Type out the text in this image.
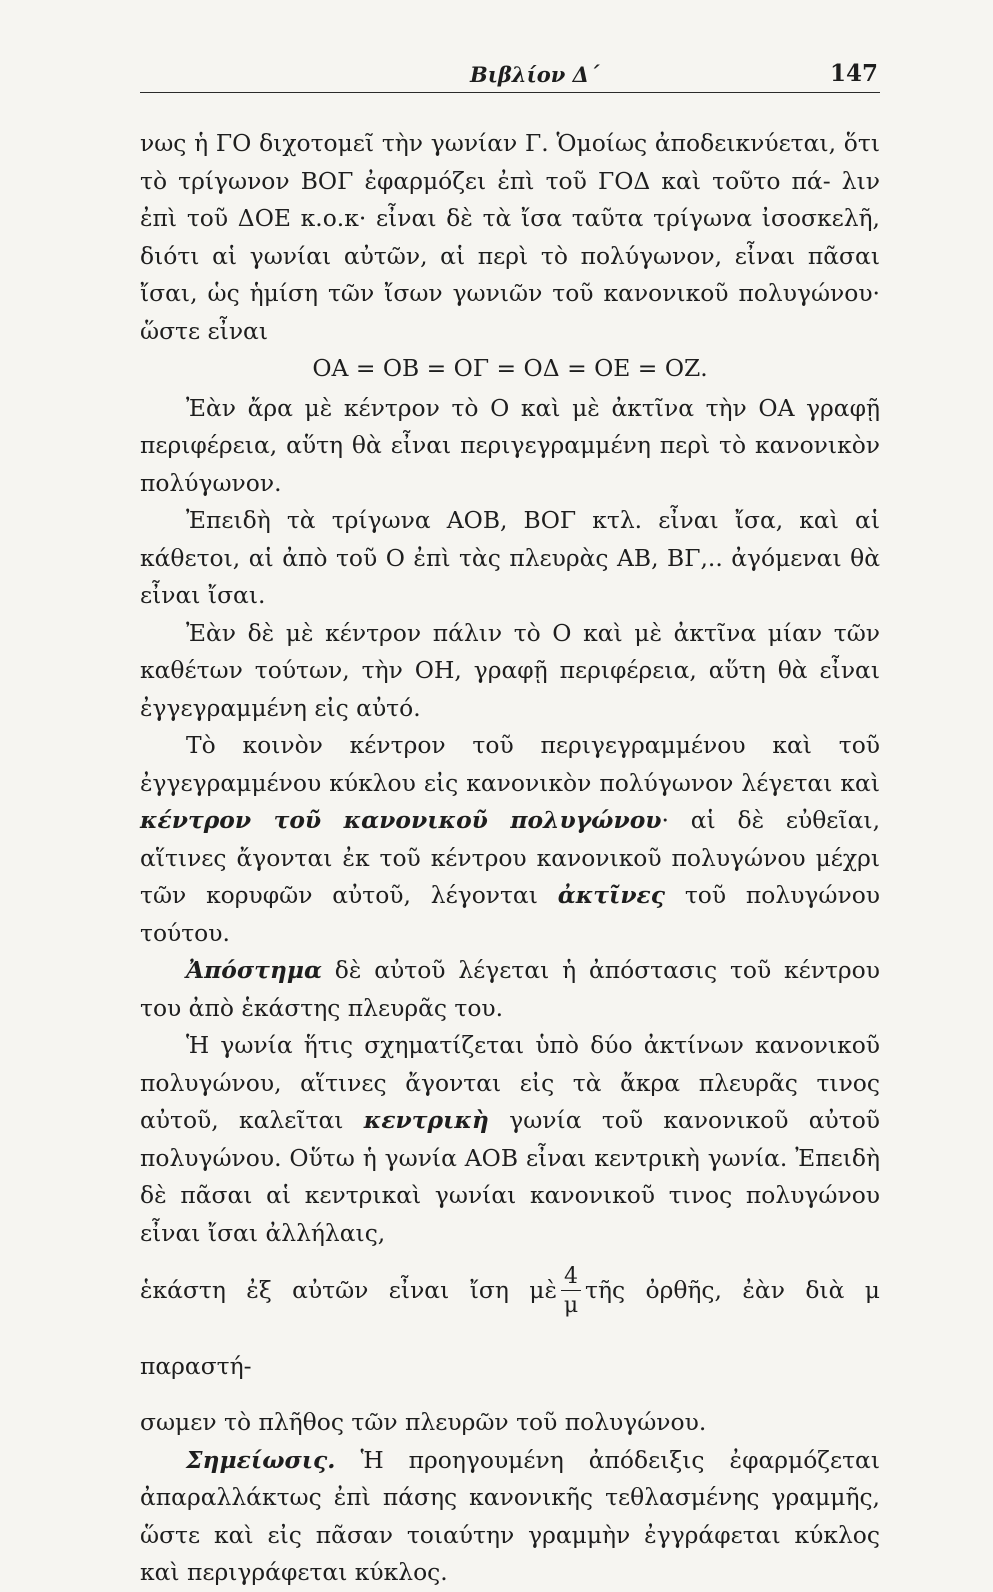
Βιβλίον Δ΄	147

νως ἡ ΓΟ διχοτομεῖ τὴν γωνίαν Γ. Ὁμοίως ἀποδεικνύεται, ὅτι τὸ τρίγωνον ΒΟΓ ἐφαρμόζει ἐπὶ τοῦ ΓΟΔ καὶ τοῦτο πά- λιν ἐπὶ τοῦ ΔΟΕ κ.ο.κ· εἶναι δὲ τὰ ἴσα ταῦτα τρίγωνα ἰσοσκελῆ, διότι αἱ γωνίαι αὐτῶν, αἱ περὶ τὸ πολύγωνον, εἶναι πᾶσαι ἴσαι, ὡς ἡμίση τῶν ἴσων γωνιῶν τοῦ κανονικοῦ πολυγώνου· ὥστε εἶναι

ΟΑ = ΟΒ = ΟΓ = ΟΔ = ΟΕ = ΟΖ.

Ἐὰν ἄρα μὲ κέντρον τὸ Ο καὶ μὲ ἀκτῖνα τὴν ΟΑ γραφῇ περιφέρεια, αὕτη θὰ εἶναι περιγεγραμμένη περὶ τὸ κανονικὸν πολύγωνον.

Ἐπειδὴ τὰ τρίγωνα ΑΟΒ, ΒΟΓ κτλ. εἶναι ἴσα, καὶ αἱ κάθετοι, αἱ ἀπὸ τοῦ Ο ἐπὶ τὰς πλευρὰς ΑΒ, ΒΓ,.. ἀγόμεναι θὰ εἶναι ἴσαι.

Ἐὰν δὲ μὲ κέντρον πάλιν τὸ Ο καὶ μὲ ἀκτῖνα μίαν τῶν καθέτων τούτων, τὴν ΟΗ, γραφῇ περιφέρεια, αὕτη θὰ εἶναι ἐγγεγραμμένη εἰς αὐτό.

Τὸ κοινὸν κέντρον τοῦ περιγεγραμμένου καὶ τοῦ ἐγγεγραμμένου κύκλου εἰς κανονικὸν πολύγωνον λέγεται καὶ κέντρον τοῦ κανονικοῦ πολυγώνου· αἱ δὲ εὐθεῖαι, αἵτινες ἄγονται ἐκ τοῦ κέντρου κανονικοῦ πολυγώνου μέχρι τῶν κορυφῶν αὐτοῦ, λέγονται ἀκτῖνες τοῦ πολυγώνου τούτου.

Ἀπόστημα δὲ αὐτοῦ λέγεται ἡ ἀπόστασις τοῦ κέντρου του ἀπὸ ἑκάστης πλευρᾶς του.

Ἡ γωνία ἥτις σχηματίζεται ὑπὸ δύο ἀκτίνων κανονικοῦ πολυγώνου, αἵτινες ἄγονται εἰς τὰ ἄκρα πλευρᾶς τινος αὐτοῦ, καλεῖται κεντρικὴ γωνία τοῦ κανονικοῦ αὐτοῦ πολυγώνου. Οὕτω ἡ γωνία ΑΟΒ εἶναι κεντρικὴ γωνία. Ἐπειδὴ δὲ πᾶσαι αἱ κεντρικαὶ γωνίαι κανονικοῦ τινος πολυγώνου εἶναι ἴσαι ἀλλήλαις,

ἑκάστη ἐξ αὐτῶν εἶναι ἴση μὲ $\frac{4}{\mu}$ τῆς ὀρθῆς, ἐὰν διὰ μ παραστή-

σωμεν τὸ πλῆθος τῶν πλευρῶν τοῦ πολυγώνου.

Σημείωσις. Ἡ προηγουμένη ἀπόδειξις ἐφαρμόζεται ἀπαραλλάκτως ἐπὶ πάσης κανονικῆς τεθλασμένης γραμμῆς, ὥστε καὶ εἰς πᾶσαν τοιαύτην γραμμὴν ἐγγράφεται κύκλος καὶ περιγράφεται κύκλος.
